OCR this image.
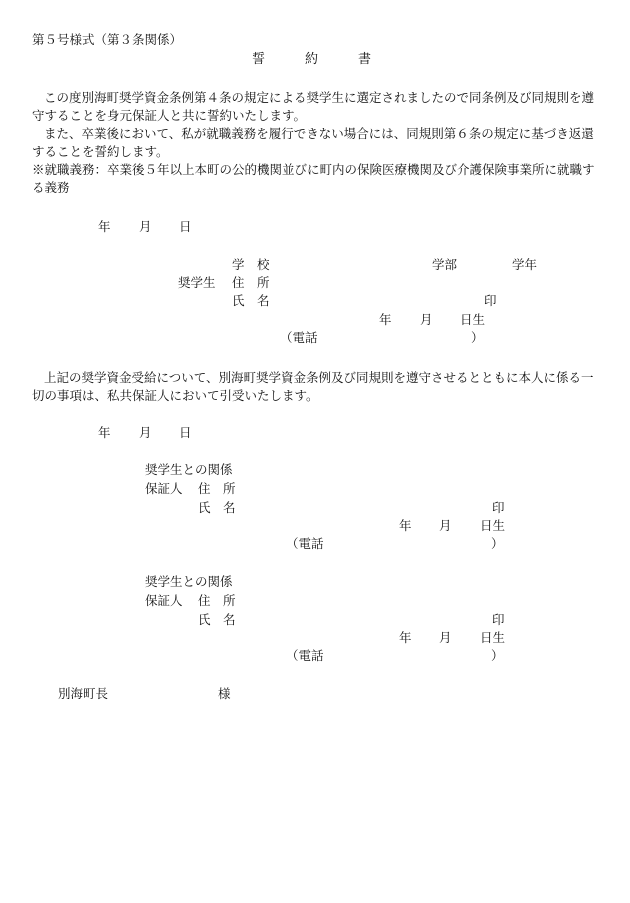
第５号様式（第３条関係）
誓	約	書

この度別海町奨学資金条例第４条の規定による奨学生に選定されましたので同条例及び同規則を遵守することを身元保証人と共に誓約いたします。

また、卒業後において、私が就職義務を履行できない場合には、同規則第６条の規定に基づき返還することを誓約します。

※就職義務：卒業後５年以上本町の公的機関並びに町内の保険医療機関及び介護保険事業所に就職する義務

年 月 日
学　校	学部	学年
奨学生 住　所
氏　名	印
年 月 日生
（電話	）

上記の奨学資金受給について、別海町奨学資金条例及び同規則を遵守させるとともに本人に係る一切の事項は、私共保証人において引受いたします。

年 月 日
奨学生との関係
保証人 住　所
氏　名	印
年 月 日生
（電話	）
奨学生との関係
保証人 住　所
氏　名	印
年 月 日生
（電話	）
別海町長	様
